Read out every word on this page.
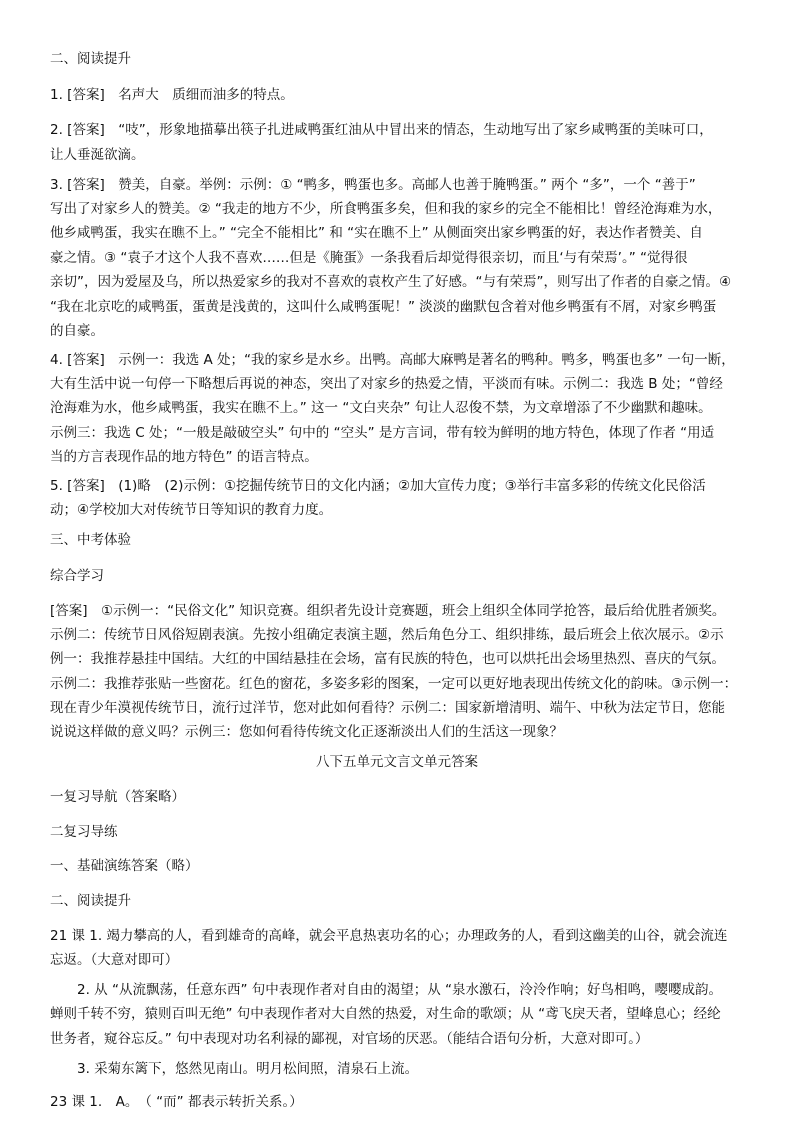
二、阅读提升
1. [答案]　名声大　质细而油多的特点。
2. [答案]　“吱”，形象地描摹出筷子扎进咸鸭蛋红油从中冒出来的情态，生动地写出了家乡咸鸭蛋的美味可口，
让人垂涎欲滴。
3. [答案]　赞美，自豪。举例：示例：① “鸭多，鸭蛋也多。高邮人也善于腌鸭蛋。” 两个 “多”，一个 “善于”
写出了对家乡人的赞美。② “我走的地方不少，所食鸭蛋多矣，但和我的家乡的完全不能相比！曾经沧海难为水，
他乡咸鸭蛋，我实在瞧不上。” “完全不能相比” 和 “实在瞧不上” 从侧面突出家乡鸭蛋的好，表达作者赞美、自
豪之情。③ “袁子才这个人我不喜欢……但是《腌蛋》一条我看后却觉得很亲切，而且‘与有荣焉’。” “觉得很
亲切”，因为爱屋及乌，所以热爱家乡的我对不喜欢的袁枚产生了好感。“与有荣焉”，则写出了作者的自豪之情。④
“我在北京吃的咸鸭蛋，蛋黄是浅黄的，这叫什么咸鸭蛋呢！” 淡淡的幽默包含着对他乡鸭蛋有不屑，对家乡鸭蛋
的自豪。
4. [答案]　示例一：我选 A 处；“我的家乡是水乡。出鸭。高邮大麻鸭是著名的鸭种。鸭多，鸭蛋也多” 一句一断，
大有生活中说一句停一下略想后再说的神态，突出了对家乡的热爱之情，平淡而有味。示例二：我选 B 处；“曾经
沧海难为水，他乡咸鸭蛋，我实在瞧不上。” 这一 “文白夹杂” 句让人忍俊不禁，为文章增添了不少幽默和趣味。
示例三：我选 C 处；“一般是敲破空头” 句中的 “空头” 是方言词，带有较为鲜明的地方特色，体现了作者 “用适
当的方言表现作品的地方特色” 的语言特点。
5. [答案]　(1)略　(2)示例：①挖掘传统节日的文化内涵；②加大宣传力度；③举行丰富多彩的传统文化民俗活
动；④学校加大对传统节日等知识的教育力度。
三、中考体验
综合学习
[答案]　①示例一：“民俗文化” 知识竞赛。组织者先设计竞赛题，班会上组织全体同学抢答，最后给优胜者颁奖。
示例二：传统节日风俗短剧表演。先按小组确定表演主题，然后角色分工、组织排练，最后班会上依次展示。②示
例一：我推荐悬挂中国结。大红的中国结悬挂在会场，富有民族的特色，也可以烘托出会场里热烈、喜庆的气氛。
示例二：我推荐张贴一些窗花。红色的窗花，多姿多彩的图案，一定可以更好地表现出传统文化的韵味。③示例一：
现在青少年漠视传统节日，流行过洋节，您对此如何看待？示例二：国家新增清明、端午、中秋为法定节日，您能
说说这样做的意义吗？示例三：您如何看待传统文化正逐渐淡出人们的生活这一现象？
八下五单元文言文单元答案
一复习导航（答案略）
二复习导练
一、基础演练答案（略）
二、阅读提升
21 课 1. 竭力攀高的人，看到雄奇的高峰，就会平息热衷功名的心；办理政务的人，看到这幽美的山谷，就会流连
忘返。（大意对即可）
2. 从 “从流飘荡，任意东西” 句中表现作者对自由的渴望；从 “泉水激石，泠泠作响；好鸟相鸣，嘤嘤成韵。
蝉则千转不穷，猿则百叫无绝” 句中表现作者对大自然的热爱，对生命的歌颂；从 “鸢飞戾天者，望峰息心；经纶
世务者，窥谷忘反。” 句中表现对功名利禄的鄙视，对官场的厌恶。（能结合语句分析，大意对即可。）
3. 采菊东篱下，悠然见南山。明月松间照，清泉石上流。
23 课 1.　A。　（ “而” 都表示转折关系。）
